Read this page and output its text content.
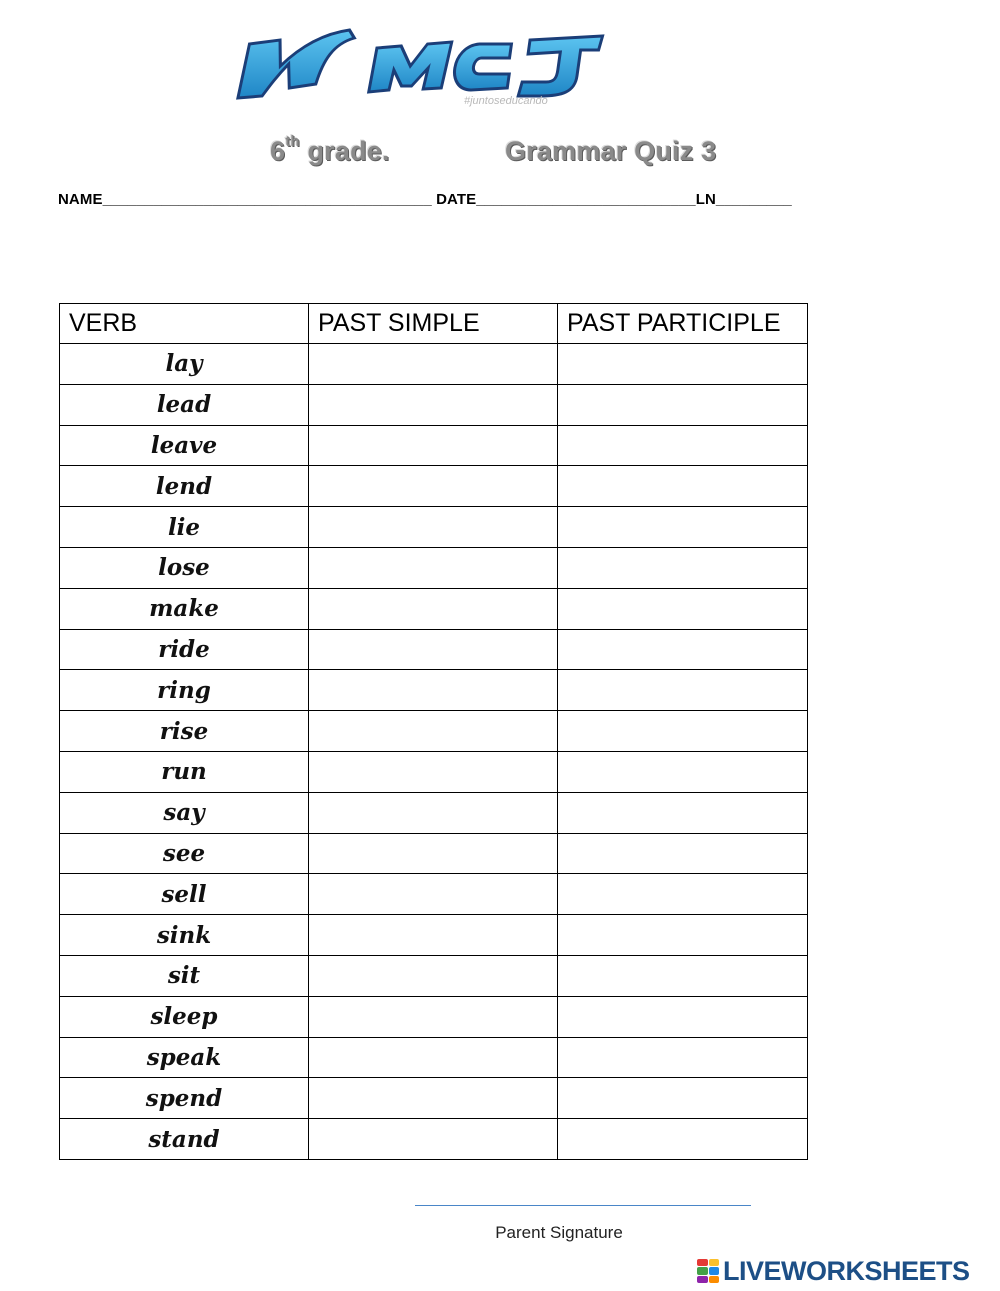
#juntoseducando
6th grade.	Grammar Quiz 3
NAME_______________________________________ DATE__________________________LN_________
VERB	PAST SIMPLE	PAST PARTICIPLE
lay		
lead		
leave		
lend		
lie		
lose		
make		
ride		
ring		
rise		
run		
say		
see		
sell		
sink		
sit		
sleep		
speak		
spend		
stand		
Parent Signature
LIVEWORKSHEETS
